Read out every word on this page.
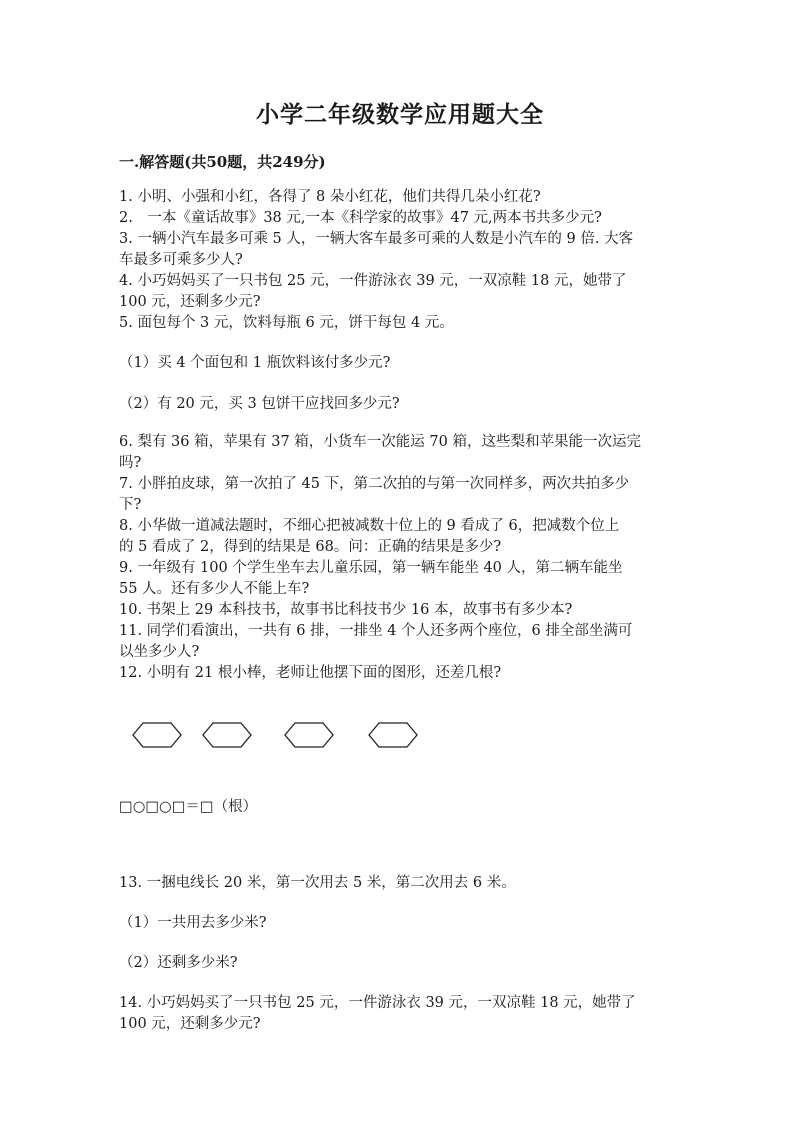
小学二年级数学应用题大全
一.解答题(共50题，共249分)
1. 小明、小强和小红，各得了 8 朵小红花，他们共得几朵小红花?
2.　一本《童话故事》38 元,一本《科学家的故事》47 元,两本书共多少元?
3. 一辆小汽车最多可乘 5 人，一辆大客车最多可乘的人数是小汽车的 9 倍. 大客
车最多可乘多少人?
4. 小巧妈妈买了一只书包 25 元，一件游泳衣 39 元，一双凉鞋 18 元，她带了
100 元，还剩多少元?
5. 面包每个 3 元，饮料每瓶 6 元，饼干每包 4 元。
（1）买 4 个面包和 1 瓶饮料该付多少元?
（2）有 20 元，买 3 包饼干应找回多少元?
6. 梨有 36 箱，苹果有 37 箱，小货车一次能运 70 箱，这些梨和苹果能一次运完
吗?
7. 小胖拍皮球，第一次拍了 45 下，第二次拍的与第一次同样多，两次共拍多少
下?
8. 小华做一道减法题时，不细心把被减数十位上的 9 看成了 6，把减数个位上
的 5 看成了 2，得到的结果是 68。问：正确的结果是多少?
9. 一年级有 100 个学生坐车去儿童乐园，第一辆车能坐 40 人，第二辆车能坐
55 人。还有多少人不能上车?
10. 书架上 29 本科技书，故事书比科技书少 16 本，故事书有多少本?
11. 同学们看演出，一共有 6 排，一排坐 4 个人还多两个座位，6 排全部坐满可
以坐多少人?
12. 小明有 21 根小棒，老师让他摆下面的图形，还差几根?
□○□○□＝□（根）
13. 一捆电线长 20 米，第一次用去 5 米，第二次用去 6 米。
（1）一共用去多少米?
（2）还剩多少米?
14. 小巧妈妈买了一只书包 25 元，一件游泳衣 39 元，一双凉鞋 18 元，她带了
100 元，还剩多少元?
